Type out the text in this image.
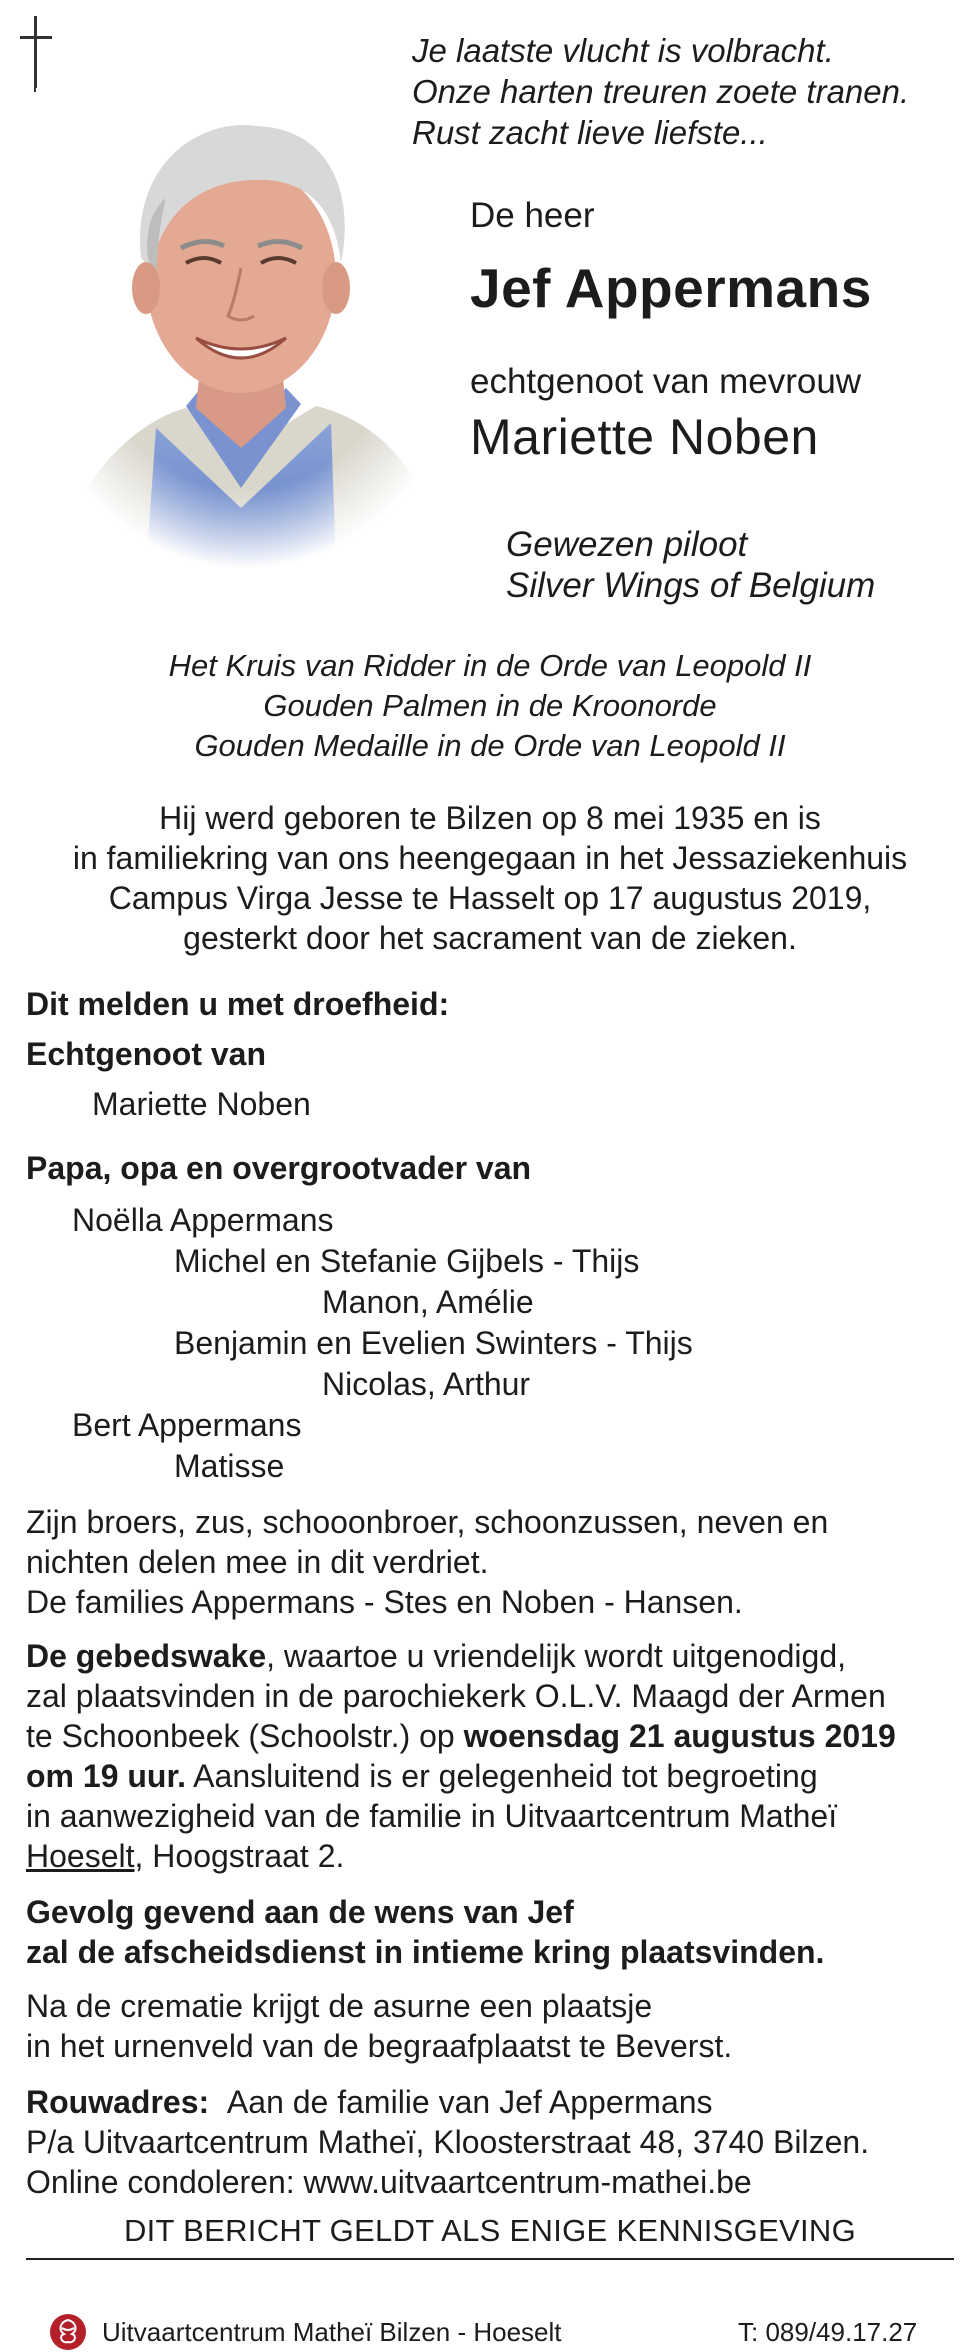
Je laatste vlucht is volbracht.
Onze harten treuren zoete tranen.
Rust zacht lieve liefste...
De heer
Jef Appermans
echtgenoot van mevrouw
Mariette Noben
Gewezen piloot
Silver Wings of Belgium
Het Kruis van Ridder in de Orde van Leopold II
Gouden Palmen in de Kroonorde
Gouden Medaille in de Orde van Leopold II
Hij werd geboren te Bilzen op 8 mei 1935 en is
in familiekring van ons heengegaan in het Jessaziekenhuis
Campus Virga Jesse te Hasselt op 17 augustus 2019,
gesterkt door het sacrament van de zieken.
Dit melden u met droefheid:
Echtgenoot van
Mariette Noben
Papa, opa en overgrootvader van
Noëlla Appermans
Michel en Stefanie Gijbels - Thijs
Manon, Amélie
Benjamin en Evelien Swinters - Thijs
Nicolas, Arthur
Bert Appermans
Matisse
Zijn broers, zus, schooonbroer, schoonzussen, neven en
nichten delen mee in dit verdriet.
De families Appermans - Stes en Noben - Hansen.
De gebedswake, waartoe u vriendelijk wordt uitgenodigd,
zal plaatsvinden in de parochiekerk O.L.V. Maagd der Armen
te Schoonbeek (Schoolstr.) op woensdag 21 augustus 2019
om 19 uur. Aansluitend is er gelegenheid tot begroeting
in aanwezigheid van de familie in Uitvaartcentrum Matheï
Hoeselt, Hoogstraat 2.
Gevolg gevend aan de wens van Jef
zal de afscheidsdienst in intieme kring plaatsvinden.
Na de crematie krijgt de asurne een plaatsje
in het urnenveld van de begraafplaatst te Beverst.
Rouwadres: Aan de familie van Jef Appermans
P/a Uitvaartcentrum Matheï, Kloosterstraat 48, 3740 Bilzen.
Online condoleren: www.uitvaartcentrum-mathei.be
DIT BERICHT GELDT ALS ENIGE KENNISGEVING
Uitvaartcentrum Matheï Bilzen - Hoeselt	T: 089/49.17.27
